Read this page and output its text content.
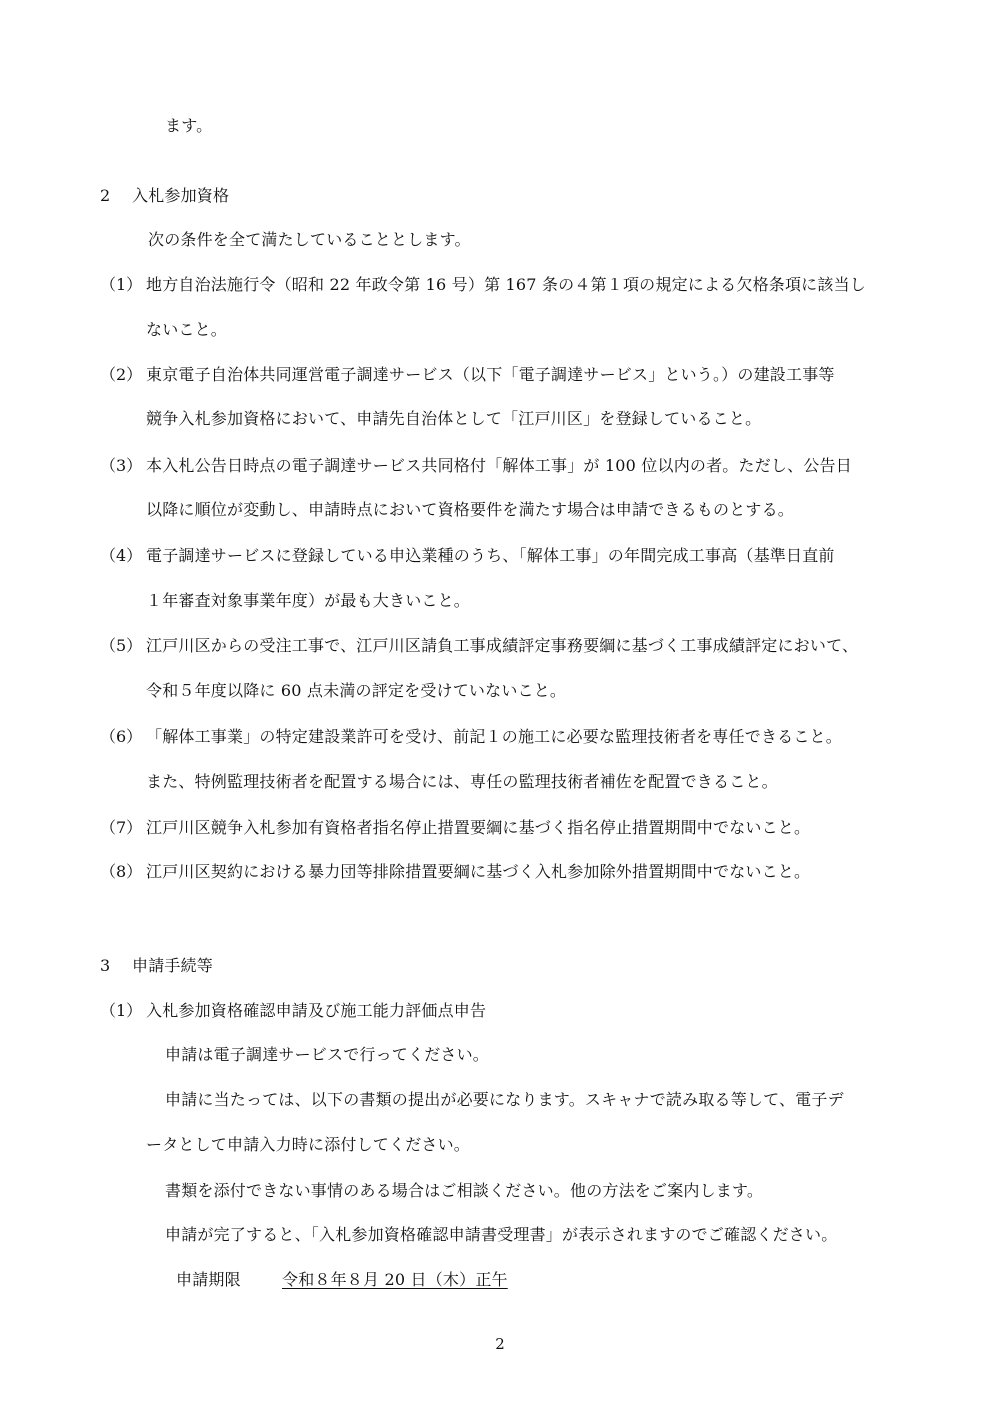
ます。
2 入札参加資格
次の条件を全て満たしていることとします。
（1） 地方自治法施行令（昭和 22 年政令第 16 号）第 167 条の４第１項の規定による欠格条項に該当し
ないこと。
（2） 東京電子自治体共同運営電子調達サービス（以下「電子調達サービス」という。）の建設工事等
競争入札参加資格において、申請先自治体として「江戸川区」を登録していること。
（3） 本入札公告日時点の電子調達サービス共同格付「解体工事」が 100 位以内の者。ただし、公告日
以降に順位が変動し、申請時点において資格要件を満たす場合は申請できるものとする。
（4） 電子調達サービスに登録している申込業種のうち、「解体工事」の年間完成工事高（基準日直前
１年審査対象事業年度）が最も大きいこと。
（5） 江戸川区からの受注工事で、江戸川区請負工事成績評定事務要綱に基づく工事成績評定において、
令和５年度以降に 60 点未満の評定を受けていないこと。
（6） 「解体工事業」の特定建設業許可を受け、前記１の施工に必要な監理技術者を専任できること。
また、特例監理技術者を配置する場合には、専任の監理技術者補佐を配置できること。
（7） 江戸川区競争入札参加有資格者指名停止措置要綱に基づく指名停止措置期間中でないこと。
（8） 江戸川区契約における暴力団等排除措置要綱に基づく入札参加除外措置期間中でないこと。
3 申請手続等
（1） 入札参加資格確認申請及び施工能力評価点申告
申請は電子調達サービスで行ってください。
申請に当たっては、以下の書類の提出が必要になります。スキャナで読み取る等して、電子デ
ータとして申請入力時に添付してください。
書類を添付できない事情のある場合はご相談ください。他の方法をご案内します。
申請が完了すると、「入札参加資格確認申請書受理書」が表示されますのでご確認ください。
申請期限	令和８年８月 20 日（木）正午
2
